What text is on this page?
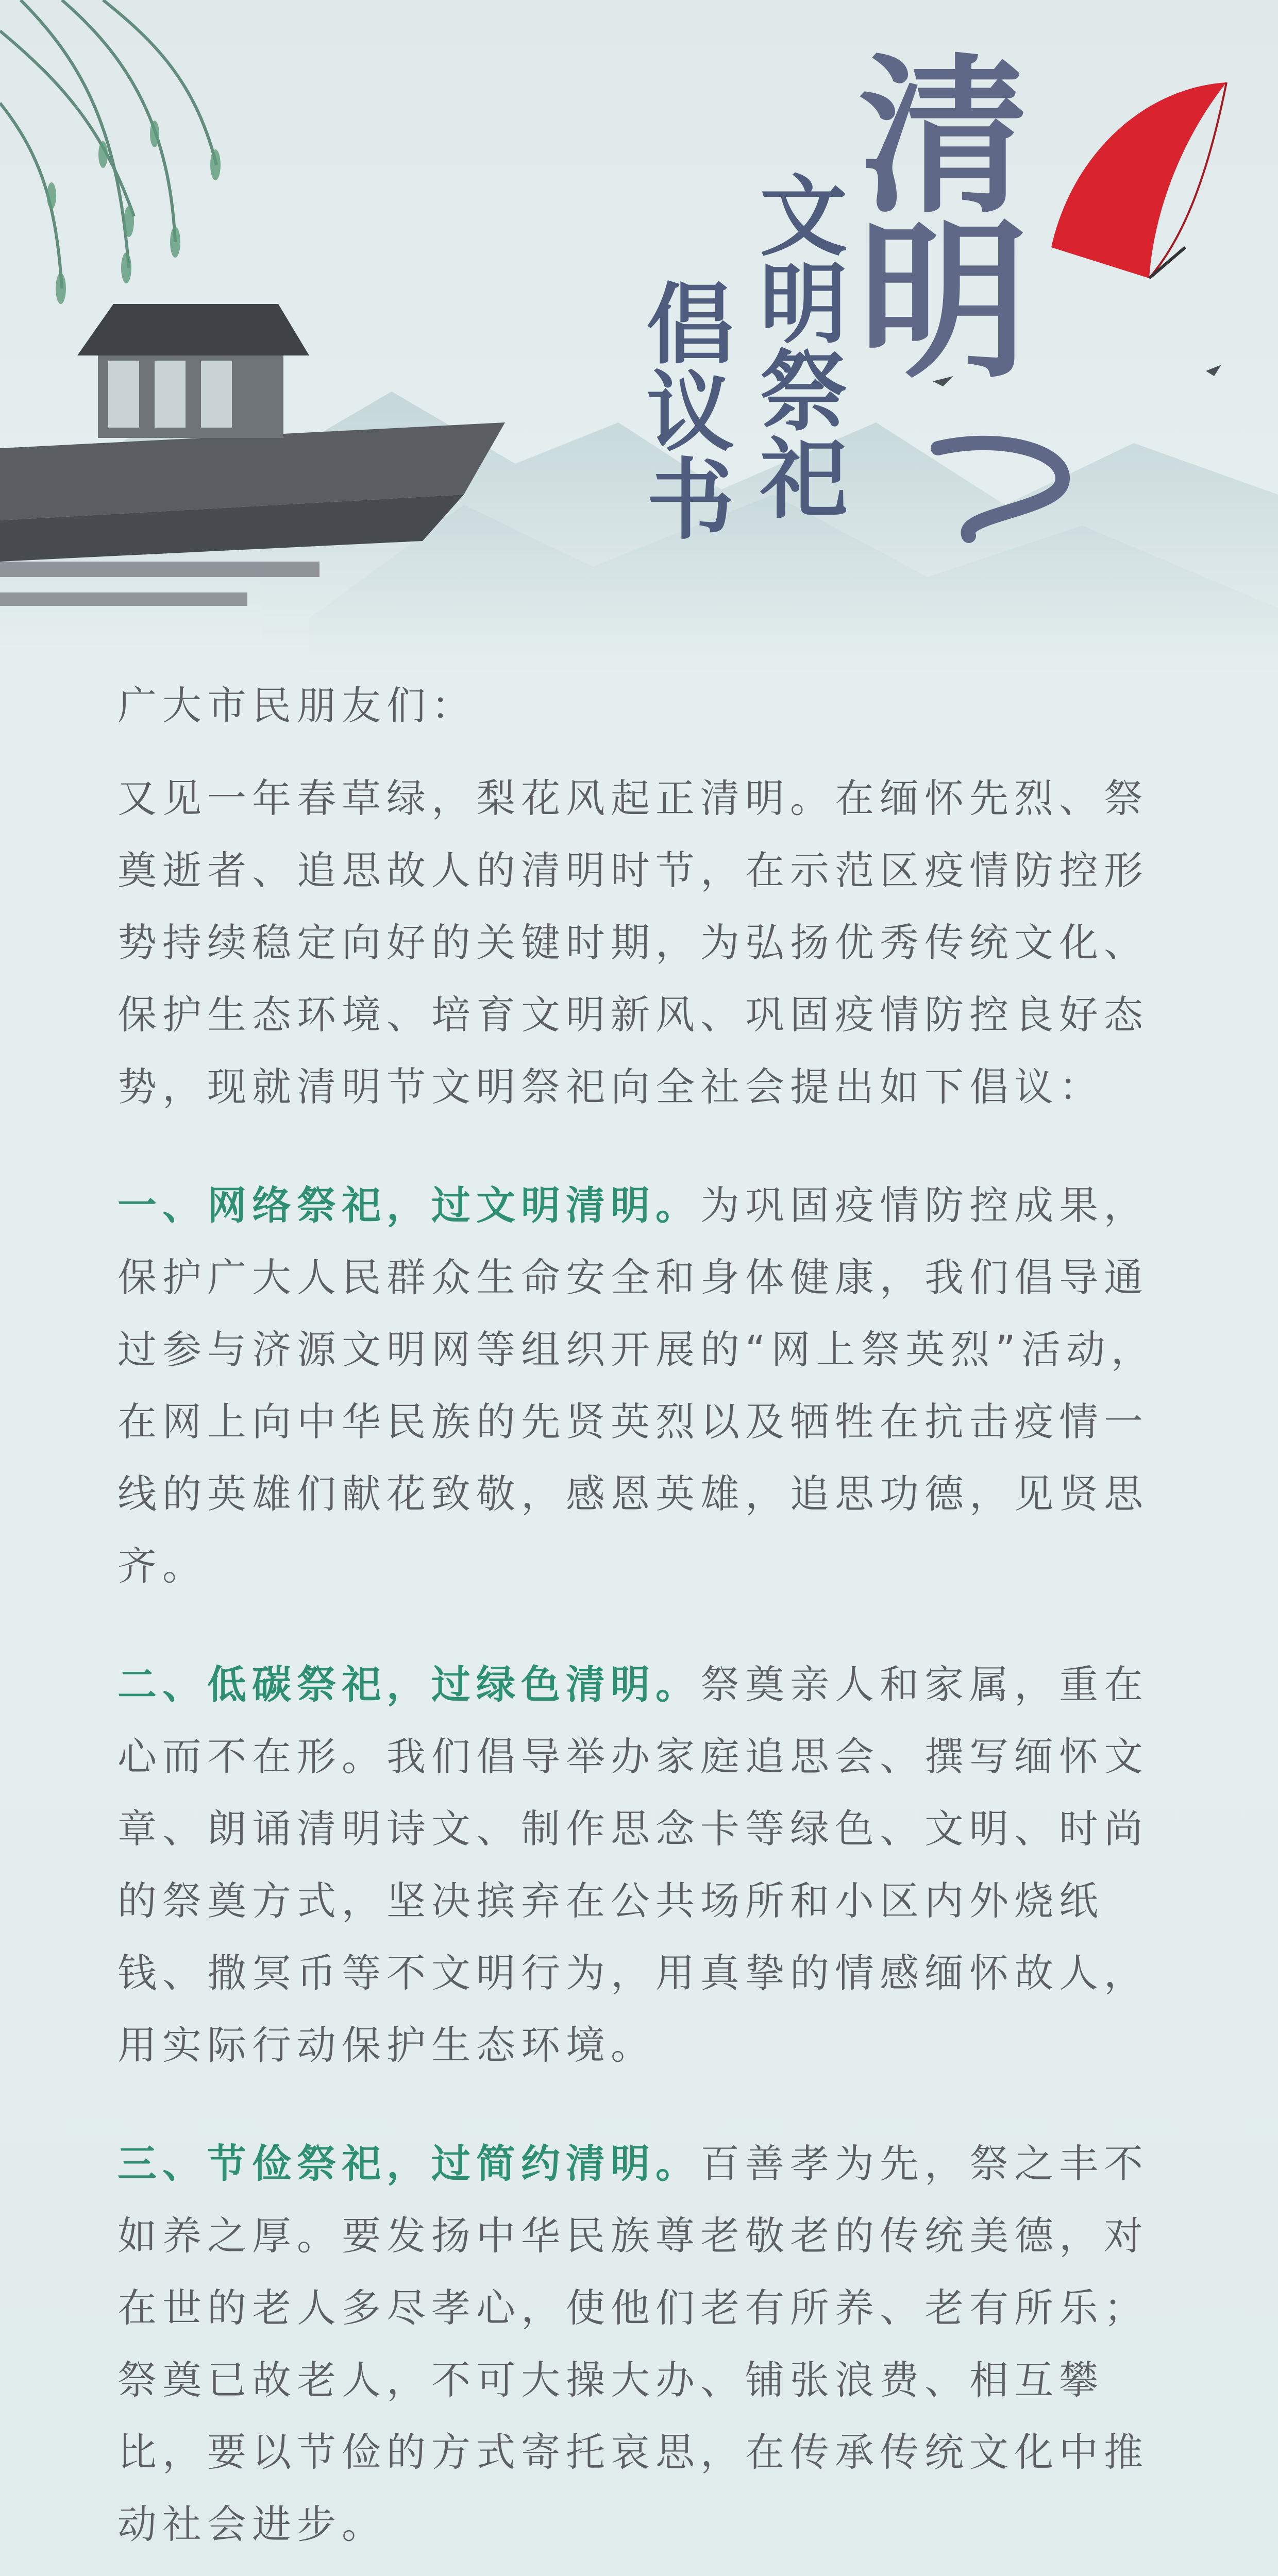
清明
文明祭祀
倡议书

广大市民朋友们：

又见一年春草绿，梨花风起正清明。在缅怀先烈、祭奠逝者、追思故人的清明时节，在示范区疫情防控形势持续稳定向好的关键时期，为弘扬优秀传统文化、保护生态环境、培育文明新风、巩固疫情防控良好态势，现就清明节文明祭祀向全社会提出如下倡议：

一、网络祭祀，过文明清明。为巩固疫情防控成果，保护广大人民群众生命安全和身体健康，我们倡导通过参与济源文明网等组织开展的“网上祭英烈”活动，在网上向中华民族的先贤英烈以及牺牲在抗击疫情一线的英雄们献花致敬，感恩英雄，追思功德，见贤思齐。

二、低碳祭祀，过绿色清明。祭奠亲人和家属，重在心而不在形。我们倡导举办家庭追思会、撰写缅怀文章、朗诵清明诗文、制作思念卡等绿色、文明、时尚的祭奠方式，坚决摈弃在公共场所和小区内外烧纸钱、撒冥币等不文明行为，用真挚的情感缅怀故人，用实际行动保护生态环境。

三、节俭祭祀，过简约清明。百善孝为先，祭之丰不如养之厚。要发扬中华民族尊老敬老的传统美德，对在世的老人多尽孝心，使他们老有所养、老有所乐；祭奠已故老人，不可大操大办、铺张浪费、相互攀比，要以节俭的方式寄托哀思，在传承传统文化中推动社会进步。
